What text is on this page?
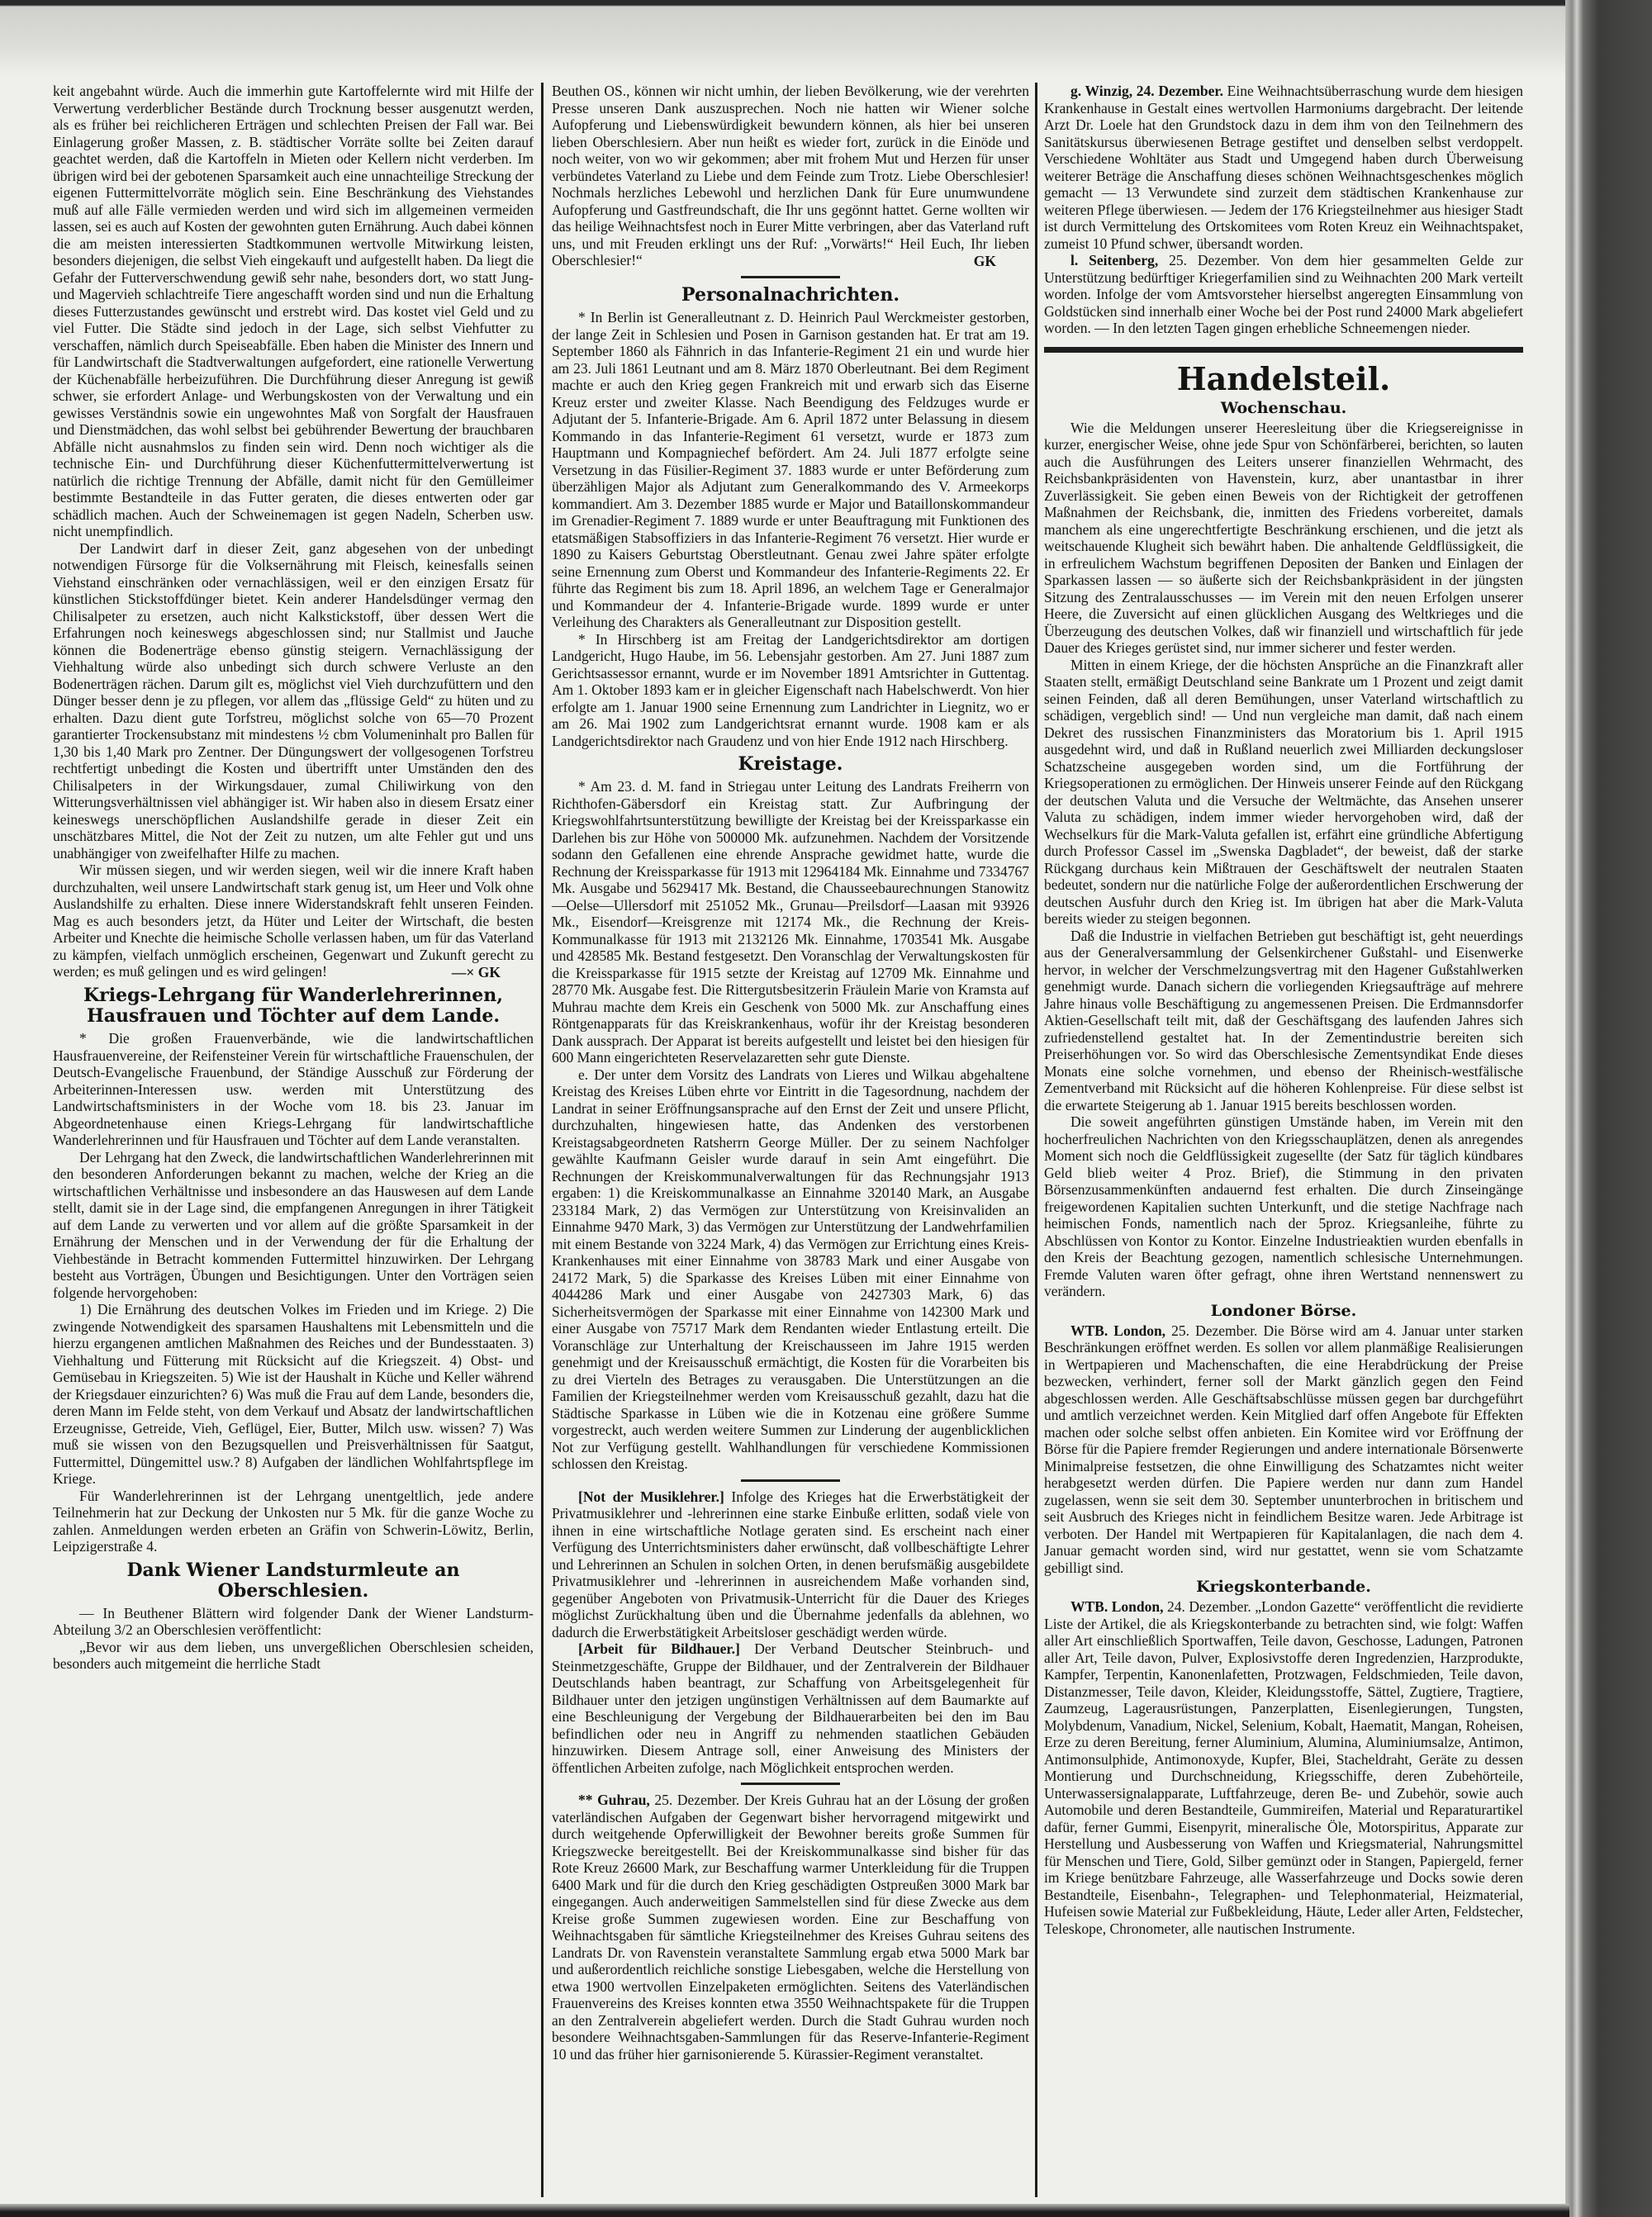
keit angebahnt würde. Auch die immerhin gute Kartoffelernte wird mit Hilfe der Verwertung verderblicher Bestände durch Trocknung besser ausgenutzt werden, als es früher bei reichlicheren Erträgen und schlechten Preisen der Fall war. Bei Einlagerung großer Massen, z. B. städtischer Vorräte sollte bei Zeiten darauf geachtet werden, daß die Kartoffeln in Mieten oder Kellern nicht verderben. Im übrigen wird bei der gebotenen Sparsamkeit auch eine unnachteilige Streckung der eigenen Futtermittelvorräte möglich sein. Eine Beschränkung des Viehstandes muß auf alle Fälle vermieden werden und wird sich im allgemeinen vermeiden lassen, sei es auch auf Kosten der gewohnten guten Ernährung. Auch dabei können die am meisten interessierten Stadtkommunen wertvolle Mitwirkung leisten, besonders diejenigen, die selbst Vieh eingekauft und aufgestellt haben. Da liegt die Gefahr der Futterverschwendung gewiß sehr nahe, besonders dort, wo statt Jung- und Magervieh schlachtreife Tiere angeschafft worden sind und nun die Erhaltung dieses Futterzustandes gewünscht und erstrebt wird. Das kostet viel Geld und zu viel Futter. Die Städte sind jedoch in der Lage, sich selbst Viehfutter zu verschaffen, nämlich durch Speiseabfälle. Eben haben die Minister des Innern und für Landwirtschaft die Stadtverwaltungen aufgefordert, eine rationelle Verwertung der Küchenabfälle herbeizuführen. Die Durchführung dieser Anregung ist gewiß schwer, sie erfordert Anlage- und Werbungskosten von der Verwaltung und ein gewisses Verständnis sowie ein ungewohntes Maß von Sorgfalt der Hausfrauen und Dienstmädchen, das wohl selbst bei gebührender Bewertung der brauchbaren Abfälle nicht ausnahmslos zu finden sein wird. Denn noch wichtiger als die technische Ein- und Durchführung dieser Küchenfuttermittelverwertung ist natürlich die richtige Trennung der Abfälle, damit nicht für den Gemülleimer bestimmte Bestandteile in das Futter geraten, die dieses entwerten oder gar schädlich machen. Auch der Schweinemagen ist gegen Nadeln, Scherben usw. nicht unempfindlich.

Der Landwirt darf in dieser Zeit, ganz abgesehen von der unbedingt notwendigen Fürsorge für die Volksernährung mit Fleisch, keinesfalls seinen Viehstand einschränken oder vernachlässigen, weil er den einzigen Ersatz für künstlichen Stickstoffdünger bietet. Kein anderer Handelsdünger vermag den Chilisalpeter zu ersetzen, auch nicht Kalkstickstoff, über dessen Wert die Erfahrungen noch keineswegs abgeschlossen sind; nur Stallmist und Jauche können die Bodenerträge ebenso günstig steigern. Vernachlässigung der Viehhaltung würde also unbedingt sich durch schwere Verluste an den Bodenerträgen rächen. Darum gilt es, möglichst viel Vieh durchzufüttern und den Dünger besser denn je zu pflegen, vor allem das „flüssige Geld“ zu hüten und zu erhalten. Dazu dient gute Torfstreu, möglichst solche von 65—70 Prozent garantierter Trockensubstanz mit mindestens ½ cbm Volumeninhalt pro Ballen für 1,30 bis 1,40 Mark pro Zentner. Der Düngungswert der vollgesogenen Torfstreu rechtfertigt unbedingt die Kosten und übertrifft unter Umständen den des Chilisalpeters in der Wirkungsdauer, zumal Chiliwirkung von den Witterungsverhältnissen viel abhängiger ist. Wir haben also in diesem Ersatz einer keineswegs unerschöpflichen Auslandshilfe gerade in dieser Zeit ein unschätzbares Mittel, die Not der Zeit zu nutzen, um alte Fehler gut und uns unabhängiger von zweifelhafter Hilfe zu machen.

Wir müssen siegen, und wir werden siegen, weil wir die innere Kraft haben durchzuhalten, weil unsere Landwirtschaft stark genug ist, um Heer und Volk ohne Auslandshilfe zu erhalten. Diese innere Widerstandskraft fehlt unseren Feinden. Mag es auch besonders jetzt, da Hüter und Leiter der Wirtschaft, die besten Arbeiter und Knechte die heimische Scholle verlassen haben, um für das Vaterland zu kämpfen, vielfach unmöglich erscheinen, Gegenwart und Zukunft gerecht zu werden; es muß gelingen und es wird gelingen!	—× GK
Kriegs-Lehrgang für Wanderlehrerinnen, Hausfrauen und Töchter auf dem Lande.

* Die großen Frauenverbände, wie die landwirtschaftlichen Hausfrauenvereine, der Reifensteiner Verein für wirtschaftliche Frauenschulen, der Deutsch-Evangelische Frauenbund, der Ständige Ausschuß zur Förderung der Arbeiterinnen-Interessen usw. werden mit Unterstützung des Landwirtschaftsministers in der Woche vom 18. bis 23. Januar im Abgeordnetenhause einen Kriegs-Lehrgang für landwirtschaftliche Wanderlehrerinnen und für Hausfrauen und Töchter auf dem Lande veranstalten.

Der Lehrgang hat den Zweck, die landwirtschaftlichen Wanderlehrerinnen mit den besonderen Anforderungen bekannt zu machen, welche der Krieg an die wirtschaftlichen Verhältnisse und insbesondere an das Hauswesen auf dem Lande stellt, damit sie in der Lage sind, die empfangenen Anregungen in ihrer Tätigkeit auf dem Lande zu verwerten und vor allem auf die größte Sparsamkeit in der Ernährung der Menschen und in der Verwendung der für die Erhaltung der Viehbestände in Betracht kommenden Futtermittel hinzuwirken. Der Lehrgang besteht aus Vorträgen, Übungen und Besichtigungen. Unter den Vorträgen seien folgende hervorgehoben:

1) Die Ernährung des deutschen Volkes im Frieden und im Kriege. 2) Die zwingende Notwendigkeit des sparsamen Haushaltens mit Lebensmitteln und die hierzu ergangenen amtlichen Maßnahmen des Reiches und der Bundesstaaten. 3) Viehhaltung und Fütterung mit Rücksicht auf die Kriegszeit. 4) Obst- und Gemüsebau in Kriegszeiten. 5) Wie ist der Haushalt in Küche und Keller während der Kriegsdauer einzurichten? 6) Was muß die Frau auf dem Lande, besonders die, deren Mann im Felde steht, von dem Verkauf und Absatz der landwirtschaftlichen Erzeugnisse, Getreide, Vieh, Geflügel, Eier, Butter, Milch usw. wissen? 7) Was muß sie wissen von den Bezugsquellen und Preisverhältnissen für Saatgut, Futtermittel, Düngemittel usw.? 8) Aufgaben der ländlichen Wohlfahrtspflege im Kriege.

Für Wanderlehrerinnen ist der Lehrgang unentgeltlich, jede andere Teilnehmerin hat zur Deckung der Unkosten nur 5 Mk. für die ganze Woche zu zahlen. Anmeldungen werden erbeten an Gräfin von Schwerin-Löwitz, Berlin, Leipzigerstraße 4.

Dank Wiener Landsturmleute an Oberschlesien.

— In Beuthener Blättern wird folgender Dank der Wiener Landsturm-Abteilung 3/2 an Oberschlesien veröffentlicht:

„Bevor wir aus dem lieben, uns unvergeßlichen Oberschlesien scheiden, besonders auch mitgemeint die herrliche Stadt

Beuthen OS., können wir nicht umhin, der lieben Bevölkerung, wie der verehrten Presse unseren Dank auszusprechen. Noch nie hatten wir Wiener solche Aufopferung und Liebenswürdigkeit bewundern können, als hier bei unseren lieben Oberschlesiern. Aber nun heißt es wieder fort, zurück in die Einöde und noch weiter, von wo wir gekommen; aber mit frohem Mut und Herzen für unser verbündetes Vaterland zu Liebe und dem Feinde zum Trotz. Liebe Oberschlesier! Nochmals herzliches Lebewohl und herzlichen Dank für Eure unumwundene Aufopferung und Gastfreundschaft, die Ihr uns gegönnt hattet. Gerne wollten wir das heilige Weihnachtsfest noch in Eurer Mitte verbringen, aber das Vaterland ruft uns, und mit Freuden erklingt uns der Ruf: „Vorwärts!“ Heil Euch, Ihr lieben Oberschlesier!“	GK
Personalnachrichten.

* In Berlin ist Generalleutnant z. D. Heinrich Paul Werckmeister gestorben, der lange Zeit in Schlesien und Posen in Garnison gestanden hat. Er trat am 19. September 1860 als Fähnrich in das Infanterie-Regiment 21 ein und wurde hier am 23. Juli 1861 Leutnant und am 8. März 1870 Oberleutnant. Bei dem Regiment machte er auch den Krieg gegen Frankreich mit und erwarb sich das Eiserne Kreuz erster und zweiter Klasse. Nach Beendigung des Feldzuges wurde er Adjutant der 5. Infanterie-Brigade. Am 6. April 1872 unter Belassung in diesem Kommando in das Infanterie-Regiment 61 versetzt, wurde er 1873 zum Hauptmann und Kompagniechef befördert. Am 24. Juli 1877 erfolgte seine Versetzung in das Füsilier-Regiment 37. 1883 wurde er unter Beförderung zum überzähligen Major als Adjutant zum Generalkommando des V. Armeekorps kommandiert. Am 3. Dezember 1885 wurde er Major und Bataillonskommandeur im Grenadier-Regiment 7. 1889 wurde er unter Beauftragung mit Funktionen des etatsmäßigen Stabsoffiziers in das Infanterie-Regiment 76 versetzt. Hier wurde er 1890 zu Kaisers Geburtstag Oberstleutnant. Genau zwei Jahre später erfolgte seine Ernennung zum Oberst und Kommandeur des Infanterie-Regiments 22. Er führte das Regiment bis zum 18. April 1896, an welchem Tage er Generalmajor und Kommandeur der 4. Infanterie-Brigade wurde. 1899 wurde er unter Verleihung des Charakters als Generalleutnant zur Disposition gestellt.

* In Hirschberg ist am Freitag der Landgerichtsdirektor am dortigen Landgericht, Hugo Haube, im 56. Lebensjahr gestorben. Am 27. Juni 1887 zum Gerichtsassessor ernannt, wurde er im November 1891 Amtsrichter in Guttentag. Am 1. Oktober 1893 kam er in gleicher Eigenschaft nach Habelschwerdt. Von hier erfolgte am 1. Januar 1900 seine Ernennung zum Landrichter in Liegnitz, wo er am 26. Mai 1902 zum Landgerichtsrat ernannt wurde. 1908 kam er als Landgerichtsdirektor nach Graudenz und von hier Ende 1912 nach Hirschberg.

Kreistage.

* Am 23. d. M. fand in Striegau unter Leitung des Landrats Freiherrn von Richthofen-Gäbersdorf ein Kreistag statt. Zur Aufbringung der Kriegswohlfahrtsunterstützung bewilligte der Kreistag bei der Kreissparkasse ein Darlehen bis zur Höhe von 500000 Mk. aufzunehmen. Nachdem der Vorsitzende sodann den Gefallenen eine ehrende Ansprache gewidmet hatte, wurde die Rechnung der Kreissparkasse für 1913 mit 12964184 Mk. Einnahme und 7334767 Mk. Ausgabe und 5629417 Mk. Bestand, die Chausseebaurechnungen Stanowitz—Oelse—Ullersdorf mit 251052 Mk., Grunau—Preilsdorf—Laasan mit 93926 Mk., Eisendorf—Kreisgrenze mit 12174 Mk., die Rechnung der Kreis-Kommunalkasse für 1913 mit 2132126 Mk. Einnahme, 1703541 Mk. Ausgabe und 428585 Mk. Bestand festgesetzt. Den Voranschlag der Verwaltungskosten für die Kreissparkasse für 1915 setzte der Kreistag auf 12709 Mk. Einnahme und 28770 Mk. Ausgabe fest. Die Rittergutsbesitzerin Fräulein Marie von Kramsta auf Muhrau machte dem Kreis ein Geschenk von 5000 Mk. zur Anschaffung eines Röntgenapparats für das Kreiskrankenhaus, wofür ihr der Kreistag besonderen Dank aussprach. Der Apparat ist bereits aufgestellt und leistet bei den hiesigen für 600 Mann eingerichteten Reservelazaretten sehr gute Dienste.

e. Der unter dem Vorsitz des Landrats von Lieres und Wilkau abgehaltene Kreistag des Kreises Lüben ehrte vor Eintritt in die Tagesordnung, nachdem der Landrat in seiner Eröffnungsansprache auf den Ernst der Zeit und unsere Pflicht, durchzuhalten, hingewiesen hatte, das Andenken des verstorbenen Kreistagsabgeordneten Ratsherrn George Müller. Der zu seinem Nachfolger gewählte Kaufmann Geisler wurde darauf in sein Amt eingeführt. Die Rechnungen der Kreiskommunalverwaltungen für das Rechnungsjahr 1913 ergaben: 1) die Kreiskommunalkasse an Einnahme 320140 Mark, an Ausgabe 233184 Mark, 2) das Vermögen zur Unterstützung von Kreisinvaliden an Einnahme 9470 Mark, 3) das Vermögen zur Unterstützung der Landwehrfamilien mit einem Bestande von 3224 Mark, 4) das Vermögen zur Errichtung eines Kreis-Krankenhauses mit einer Einnahme von 38783 Mark und einer Ausgabe von 24172 Mark, 5) die Sparkasse des Kreises Lüben mit einer Einnahme von 4044286 Mark und einer Ausgabe von 2427303 Mark, 6) das Sicherheitsvermögen der Sparkasse mit einer Einnahme von 142300 Mark und einer Ausgabe von 75717 Mark dem Rendanten wieder Entlastung erteilt. Die Voranschläge zur Unterhaltung der Kreischausseen im Jahre 1915 werden genehmigt und der Kreisausschuß ermächtigt, die Kosten für die Vorarbeiten bis zu drei Vierteln des Betrages zu verausgaben. Die Unterstützungen an die Familien der Kriegsteilnehmer werden vom Kreisausschuß gezahlt, dazu hat die Städtische Sparkasse in Lüben wie die in Kotzenau eine größere Summe vorgestreckt, auch werden weitere Summen zur Linderung der augenblicklichen Not zur Verfügung gestellt. Wahlhandlungen für verschiedene Kommissionen schlossen den Kreistag.

[Not der Musiklehrer.] Infolge des Krieges hat die Erwerbstätigkeit der Privatmusiklehrer und -lehrerinnen eine starke Einbuße erlitten, sodaß viele von ihnen in eine wirtschaftliche Notlage geraten sind. Es erscheint nach einer Verfügung des Unterrichtsministers daher erwünscht, daß vollbeschäftigte Lehrer und Lehrerinnen an Schulen in solchen Orten, in denen berufsmäßig ausgebildete Privatmusiklehrer und -lehrerinnen in ausreichendem Maße vorhanden sind, gegenüber Angeboten von Privatmusik-Unterricht für die Dauer des Krieges möglichst Zurückhaltung üben und die Übernahme jedenfalls da ablehnen, wo dadurch die Erwerbstätigkeit Arbeitsloser geschädigt werden würde.

[Arbeit für Bildhauer.] Der Verband Deutscher Steinbruch- und Steinmetzgeschäfte, Gruppe der Bildhauer, und der Zentralverein der Bildhauer Deutschlands haben beantragt, zur Schaffung von Arbeitsgelegenheit für Bildhauer unter den jetzigen ungünstigen Verhältnissen auf dem Baumarkte auf eine Beschleunigung der Vergebung der Bildhauerarbeiten bei den im Bau befindlichen oder neu in Angriff zu nehmenden staatlichen Gebäuden hinzuwirken. Diesem Antrage soll, einer Anweisung des Ministers der öffentlichen Arbeiten zufolge, nach Möglichkeit entsprochen werden.

** Guhrau, 25. Dezember. Der Kreis Guhrau hat an der Lösung der großen vaterländischen Aufgaben der Gegenwart bisher hervorragend mitgewirkt und durch weitgehende Opferwilligkeit der Bewohner bereits große Summen für Kriegszwecke bereitgestellt. Bei der Kreiskommunalkasse sind bisher für das Rote Kreuz 26600 Mark, zur Beschaffung warmer Unterkleidung für die Truppen 6400 Mark und für die durch den Krieg geschädigten Ostpreußen 3000 Mark bar eingegangen. Auch anderweitigen Sammelstellen sind für diese Zwecke aus dem Kreise große Summen zugewiesen worden. Eine zur Beschaffung von Weihnachtsgaben für sämtliche Kriegsteilnehmer des Kreises Guhrau seitens des Landrats Dr. von Ravenstein veranstaltete Sammlung ergab etwa 5000 Mark bar und außerordentlich reichliche sonstige Liebesgaben, welche die Herstellung von etwa 1900 wertvollen Einzelpaketen ermöglichten. Seitens des Vaterländischen Frauenvereins des Kreises konnten etwa 3550 Weihnachtspakete für die Truppen an den Zentralverein abgeliefert werden. Durch die Stadt Guhrau wurden noch besondere Weihnachtsgaben-Sammlungen für das Reserve-Infanterie-Regiment 10 und das früher hier garnisonierende 5. Kürassier-Regiment veranstaltet.

g. Winzig, 24. Dezember. Eine Weihnachtsüberraschung wurde dem hiesigen Krankenhause in Gestalt eines wertvollen Harmoniums dargebracht. Der leitende Arzt Dr. Loele hat den Grundstock dazu in dem ihm von den Teilnehmern des Sanitätskursus überwiesenen Betrage gestiftet und denselben selbst verdoppelt. Verschiedene Wohltäter aus Stadt und Umgegend haben durch Überweisung weiterer Beträge die Anschaffung dieses schönen Weihnachtsgeschenkes möglich gemacht — 13 Verwundete sind zurzeit dem städtischen Krankenhause zur weiteren Pflege überwiesen. — Jedem der 176 Kriegsteilnehmer aus hiesiger Stadt ist durch Vermittelung des Ortskomitees vom Roten Kreuz ein Weihnachtspaket, zumeist 10 Pfund schwer, übersandt worden.

l. Seitenberg, 25. Dezember. Von dem hier gesammelten Gelde zur Unterstützung bedürftiger Kriegerfamilien sind zu Weihnachten 200 Mark verteilt worden. Infolge der vom Amtsvorsteher hierselbst angeregten Einsammlung von Goldstücken sind innerhalb einer Woche bei der Post rund 24000 Mark abgeliefert worden. — In den letzten Tagen gingen erhebliche Schneemengen nieder.

Handelsteil.
Wochenschau.

Wie die Meldungen unserer Heeresleitung über die Kriegsereignisse in kurzer, energischer Weise, ohne jede Spur von Schönfärberei, berichten, so lauten auch die Ausführungen des Leiters unserer finanziellen Wehrmacht, des Reichsbankpräsidenten von Havenstein, kurz, aber unantastbar in ihrer Zuverlässigkeit. Sie geben einen Beweis von der Richtigkeit der getroffenen Maßnahmen der Reichsbank, die, inmitten des Friedens vorbereitet, damals manchem als eine ungerechtfertigte Beschränkung erschienen, und die jetzt als weitschauende Klugheit sich bewährt haben. Die anhaltende Geldflüssigkeit, die in erfreulichem Wachstum begriffenen Depositen der Banken und Einlagen der Sparkassen lassen — so äußerte sich der Reichsbankpräsident in der jüngsten Sitzung des Zentralausschusses — im Verein mit den neuen Erfolgen unserer Heere, die Zuversicht auf einen glücklichen Ausgang des Weltkrieges und die Überzeugung des deutschen Volkes, daß wir finanziell und wirtschaftlich für jede Dauer des Krieges gerüstet sind, nur immer sicherer und fester werden.

Mitten in einem Kriege, der die höchsten Ansprüche an die Finanzkraft aller Staaten stellt, ermäßigt Deutschland seine Bankrate um 1 Prozent und zeigt damit seinen Feinden, daß all deren Bemühungen, unser Vaterland wirtschaftlich zu schädigen, vergeblich sind! — Und nun vergleiche man damit, daß nach einem Dekret des russischen Finanzministers das Moratorium bis 1. April 1915 ausgedehnt wird, und daß in Rußland neuerlich zwei Milliarden deckungsloser Schatzscheine ausgegeben worden sind, um die Fortführung der Kriegsoperationen zu ermöglichen. Der Hinweis unserer Feinde auf den Rückgang der deutschen Valuta und die Versuche der Weltmächte, das Ansehen unserer Valuta zu schädigen, indem immer wieder hervorgehoben wird, daß der Wechselkurs für die Mark-Valuta gefallen ist, erfährt eine gründliche Abfertigung durch Professor Cassel im „Swenska Dagbladet“, der beweist, daß der starke Rückgang durchaus kein Mißtrauen der Geschäftswelt der neutralen Staaten bedeutet, sondern nur die natürliche Folge der außerordentlichen Erschwerung der deutschen Ausfuhr durch den Krieg ist. Im übrigen hat aber die Mark-Valuta bereits wieder zu steigen begonnen.

Daß die Industrie in vielfachen Betrieben gut beschäftigt ist, geht neuerdings aus der Generalversammlung der Gelsenkirchener Gußstahl- und Eisenwerke hervor, in welcher der Verschmelzungsvertrag mit den Hagener Gußstahlwerken genehmigt wurde. Danach sichern die vorliegenden Kriegsaufträge auf mehrere Jahre hinaus volle Beschäftigung zu angemessenen Preisen. Die Erdmannsdorfer Aktien-Gesellschaft teilt mit, daß der Geschäftsgang des laufenden Jahres sich zufriedenstellend gestaltet hat. In der Zementindustrie bereiten sich Preiserhöhungen vor. So wird das Oberschlesische Zementsyndikat Ende dieses Monats eine solche vornehmen, und ebenso der Rheinisch-westfälische Zementverband mit Rücksicht auf die höheren Kohlenpreise. Für diese selbst ist die erwartete Steigerung ab 1. Januar 1915 bereits beschlossen worden.

Die soweit angeführten günstigen Umstände haben, im Verein mit den hocherfreulichen Nachrichten von den Kriegsschauplätzen, denen als anregendes Moment sich noch die Geldflüssigkeit zugesellte (der Satz für täglich kündbares Geld blieb weiter 4 Proz. Brief), die Stimmung in den privaten Börsenzusammenkünften andauernd fest erhalten. Die durch Zinseingänge freigewordenen Kapitalien suchten Unterkunft, und die stetige Nachfrage nach heimischen Fonds, namentlich nach der 5proz. Kriegsanleihe, führte zu Abschlüssen von Kontor zu Kontor. Einzelne Industrieaktien wurden ebenfalls in den Kreis der Beachtung gezogen, namentlich schlesische Unternehmungen. Fremde Valuten waren öfter gefragt, ohne ihren Wertstand nennenswert zu verändern.

Londoner Börse.

WTB. London, 25. Dezember. Die Börse wird am 4. Januar unter starken Beschränkungen eröffnet werden. Es sollen vor allem planmäßige Realisierungen in Wertpapieren und Machenschaften, die eine Herabdrückung der Preise bezwecken, verhindert, ferner soll der Markt gänzlich gegen den Feind abgeschlossen werden. Alle Geschäftsabschlüsse müssen gegen bar durchgeführt und amtlich verzeichnet werden. Kein Mitglied darf offen Angebote für Effekten machen oder solche selbst offen anbieten. Ein Komitee wird vor Eröffnung der Börse für die Papiere fremder Regierungen und andere internationale Börsenwerte Minimalpreise festsetzen, die ohne Einwilligung des Schatzamtes nicht weiter herabgesetzt werden dürfen. Die Papiere werden nur dann zum Handel zugelassen, wenn sie seit dem 30. September ununterbrochen in britischem und seit Ausbruch des Krieges nicht in feindlichem Besitze waren. Jede Arbitrage ist verboten. Der Handel mit Wertpapieren für Kapitalanlagen, die nach dem 4. Januar gemacht worden sind, wird nur gestattet, wenn sie vom Schatzamte gebilligt sind.

Kriegskonterbande.

WTB. London, 24. Dezember. „London Gazette“ veröffentlicht die revidierte Liste der Artikel, die als Kriegskonterbande zu betrachten sind, wie folgt: Waffen aller Art einschließlich Sportwaffen, Teile davon, Geschosse, Ladungen, Patronen aller Art, Teile davon, Pulver, Explosivstoffe deren Ingredenzien, Harzprodukte, Kampfer, Terpentin, Kanonenlafetten, Protzwagen, Feldschmieden, Teile davon, Distanzmesser, Teile davon, Kleider, Kleidungsstoffe, Sättel, Zugtiere, Tragtiere, Zaumzeug, Lagerausrüstungen, Panzerplatten, Eisenlegierungen, Tungsten, Molybdenum, Vanadium, Nickel, Selenium, Kobalt, Haematit, Mangan, Roheisen, Erze zu deren Bereitung, ferner Aluminium, Alumina, Aluminiumsalze, Antimon, Antimonsulphide, Antimonoxyde, Kupfer, Blei, Stacheldraht, Geräte zu dessen Montierung und Durchschneidung, Kriegsschiffe, deren Zubehörteile, Unterwassersignalapparate, Luftfahrzeuge, deren Be- und Zubehör, sowie auch Automobile und deren Bestandteile, Gummireifen, Material und Reparaturartikel dafür, ferner Gummi, Eisenpyrit, mineralische Öle, Motorspiritus, Apparate zur Herstellung und Ausbesserung von Waffen und Kriegsmaterial, Nahrungsmittel für Menschen und Tiere, Gold, Silber gemünzt oder in Stangen, Papiergeld, ferner im Kriege benützbare Fahrzeuge, alle Wasserfahrzeuge und Docks sowie deren Bestandteile, Eisenbahn-, Telegraphen- und Telephonmaterial, Heizmaterial, Hufeisen sowie Material zur Fußbekleidung, Häute, Leder aller Arten, Feldstecher, Teleskope, Chronometer, alle nautischen Instrumente.
